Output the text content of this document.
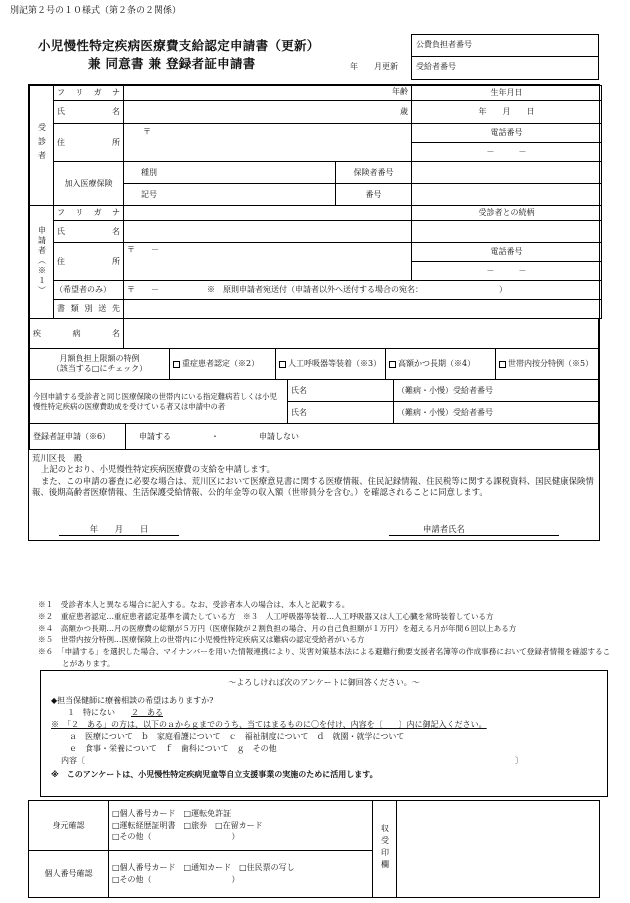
別記第２号の１０様式（第２条の２関係）
小児慢性特定疾病医療費支給認定申請書（更新）
兼 同意書 兼 登録者証申請書	年　　月更新
公費負担者番号
受給者番号
受診者	フ リ ガ ナ	年齢		生年月日
	氏　　名	歳		年　　月　　日
	住　　所	〒		電話番号
				－　　　－
	加入医療保険	種別	保険者番号	
		記号	番号	
申請者（※１）	フ リ ガ ナ		受診者との続柄
	氏　　名		
	住　　所	〒　　－	電話番号
			－　　　－
	（希望者のみ）	〒　　－　　　　　　 ※　原則申請者宛送付（申請者以外へ送付する場合の宛名：　　　　　　　　　　）	
	書類別送先		
疾　　病　　名	
月額負担上限額の特例
（該当する□にチェック）	重症患者認定（※2）	人工呼吸器等装着（※3）	高額かつ長期（※4）	世帯内按分特例（※5）
今回申請する受診者と同じ医療保険の世帯内にいる指定難病若しくは小児慢性特定疾病の医療費助成を受けている者又は申請中の者	氏名	（難病・小慢）受給者番号
	氏名	（難病・小慢）受給者番号
登録者証申請（※6）	申請する	・	申請しない

荒川区長　殿

上記のとおり、小児慢性特定疾病医療費の支給を申請します。

また、この申請の審査に必要な場合は、荒川区において医療意見書に関する医療情報、住民記録情報、住民税等に関する課税資料、国民健康保険情報、後期高齢者医療情報、生活保護受給情報、公的年金等の収入額（世帯員分を含む。）を確認されることに同意します。

年　　月　　日	申請者氏名

※１　受診者本人と異なる場合に記入する。なお、受診者本人の場合は、本人と記載する。

※２　重症患者認定…重症患者認定基準を満たしている方　※３　人工呼吸器等装着…人工呼吸器又は人工心臓を常時装着している方

※４　高額かつ長期…月の医療費の総額が５万円（医療保険が２割負担の場合、月の自己負担額が１万円）を超える月が年間６回以上ある方

※５　世帯内按分特例…医療保険上の世帯内に小児慢性特定疾病又は難病の認定受給者がいる方

※６　「申請する」を選択した場合、マイナンバーを用いた情報連携により、災害対策基本法による避難行動要支援者名簿等の作成事務において登録者情報を確認することがあります。

～よろしければ次のアンケートに御回答ください。～

◆担当保健師に療養相談の希望はありますか?

１　特にない　　 ２　ある

※　「２　ある」の方は、以下のａからｇまでのうち、当てはまるものに〇を付け、内容を〔　　〕内に御記入ください。

ａ　医療について　ｂ　家庭看護について　ｃ　福祉制度について　ｄ　就園・就学について

ｅ　食事・栄養について　ｆ　歯科について　ｇ　その他

内容〔	〕

※　このアンケートは、小児慢性特定疾病児童等自立支援事業の実施のために活用します。

身元確認	□個人番号カード　□運転免許証
□運転経歴証明書　□旅券　□在留カード
□その他（　　　　　　　　　　）	収受印欄	
個人番号確認	□個人番号カード　□通知カード　□住民票の写し
□その他（　　　　　　　　　　）		
